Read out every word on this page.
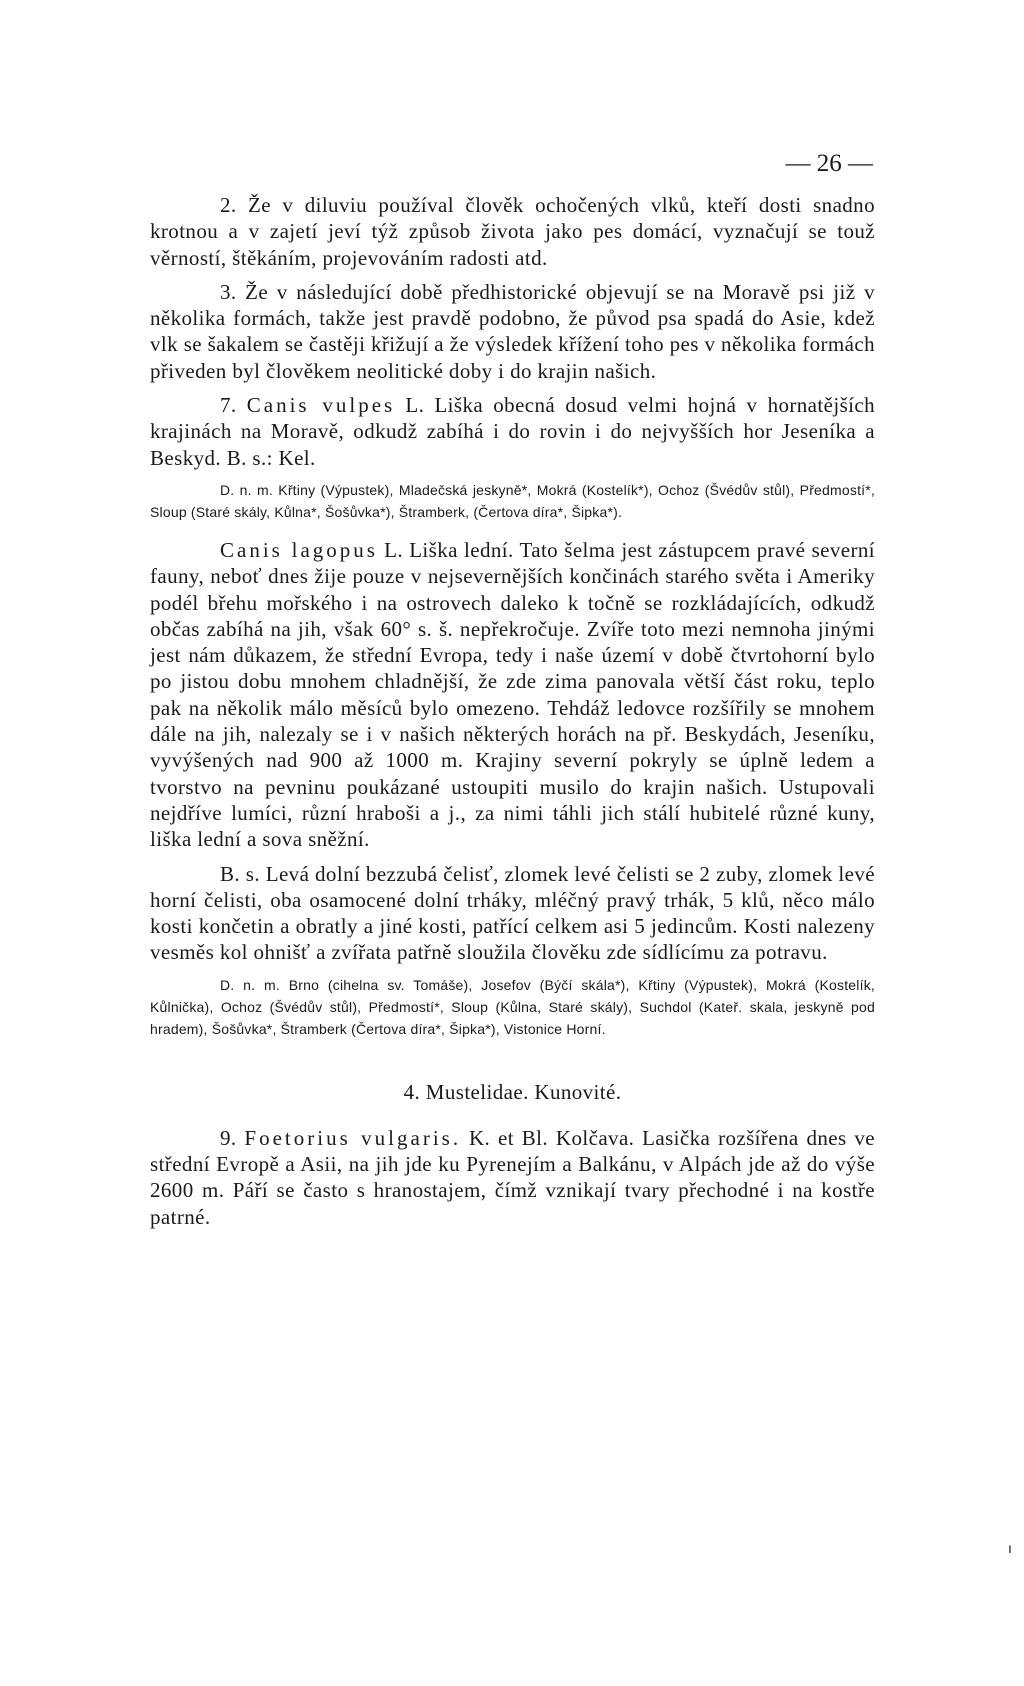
— 26 —

2. Že v diluviu používal člověk ochočených vlků, kteří dosti snadno krotnou a v zajetí jeví týž způsob života jako pes domácí, vyznačují se touž věrností, štěkáním, projevováním radosti atd.

3. Že v následující době předhistorické objevují se na Moravě psi již v několika formách, takže jest pravdě podobno, že původ psa spadá do Asie, kdež vlk se šakalem se častěji křižují a že výsledek křížení toho pes v několika formách přiveden byl člověkem neolitické doby i do krajin našich.

7. Canis vulpes L. Liška obecná dosud velmi hojná v hornatějších krajinách na Moravě, odkudž zabíhá i do rovin i do nejvyšších hor Jeseníka a Beskyd. B. s.: Kel.

D. n. m. Křtiny (Výpustek), Mladečská jeskyně*, Mokrá (Kostelík*), Ochoz (Švédův stůl), Předmostí*, Sloup (Staré skály, Kůlna*, Šošůvka*), Štramberk, (Čertova díra*, Šipka*).

Canis lagopus L. Liška lední. Tato šelma jest zástupcem pravé severní fauny, neboť dnes žije pouze v nejsevernějších končinách starého světa i Ameriky podél břehu mořského i na ostrovech daleko k točně se rozkládajících, odkudž občas zabíhá na jih, však 60° s. š. nepřekročuje. Zvíře toto mezi nemnoha jinými jest nám důkazem, že střední Evropa, tedy i naše území v době čtvrtohorní bylo po jistou dobu mnohem chladnější, že zde zima panovala větší část roku, teplo pak na několik málo měsíců bylo omezeno. Tehdáž ledovce rozšířily se mnohem dále na jih, nalezaly se i v našich některých horách na př. Beskydách, Jeseníku, vyvýšených nad 900 až 1000 m. Krajiny severní pokryly se úplně ledem a tvorstvo na pevninu poukázané ustoupiti musilo do krajin našich. Ustupovali nejdříve lumíci, různí hraboši a j., za nimi táhli jich stálí hubitelé různé kuny, liška lední a sova sněžní.

B. s. Levá dolní bezzubá čelisť, zlomek levé čelisti se 2 zuby, zlomek levé horní čelisti, oba osamocené dolní trháky, mléčný pravý trhák, 5 klů, něco málo kosti končetin a obratly a jiné kosti, patřící celkem asi 5 jedincům. Kosti nalezeny vesměs kol ohnišť a zvířata patřně sloužila člověku zde sídlícímu za potravu.

D. n. m. Brno (cihelna sv. Tomáše), Josefov (Býčí skála*), Křtiny (Výpustek), Mokrá (Kostelík, Kůlnička), Ochoz (Švédův stůl), Předmostí*, Sloup (Kůlna, Staré skály), Suchdol (Kateř. skala, jeskyně pod hradem), Šošůvka*, Štramberk (Čertova díra*, Šipka*), Vistonice Horní.

4. Mustelidae. Kunovité.

9. Foetorius vulgaris. K. et Bl. Kolčava. Lasička rozšířena dnes ve střední Evropě a Asii, na jih jde ku Pyrenejím a Balkánu, v Alpách jde až do výše 2600 m. Páří se často s hranostajem, čímž vznikají tvary přechodné i na kostře patrné.

ı
